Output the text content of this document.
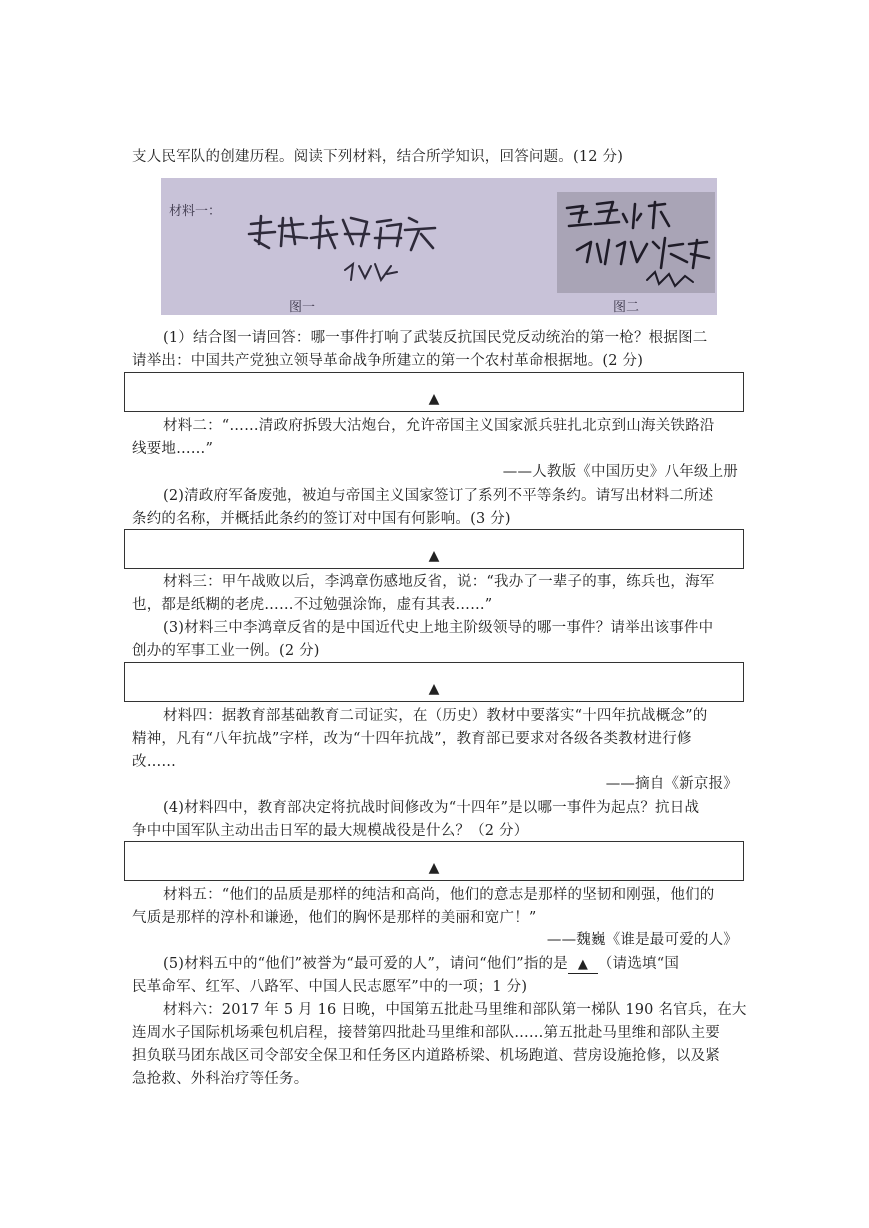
支人民军队的创建历程。阅读下列材料，结合所学知识，回答问题。(12 分)
材料一：
图一	图二
(1）结合图一请回答：哪一事件打响了武装反抗国民党反动统治的第一枪？根据图二
请举出：中国共产党独立领导革命战争所建立的第一个农村革命根据地。(2 分)
▲
材料二：“……清政府拆毁大沽炮台，允许帝国主义国家派兵驻扎北京到山海关铁路沿
线要地……”
——人教版《中国历史》八年级上册
(2)清政府军备废弛，被迫与帝国主义国家签订了系列不平等条约。请写出材料二所述
条约的名称，并概括此条约的签订对中国有何影响。(3 分)
▲
材料三：甲午战败以后，李鸿章伤感地反省，说：“我办了一辈子的事，练兵也，海军
也，都是纸糊的老虎……不过勉强涂饰，虚有其表……”
(3)材料三中李鸿章反省的是中国近代史上地主阶级领导的哪一事件？请举出该事件中
创办的军事工业一例。(2 分)
▲
材料四：据教育部基础教育二司证实，在（历史）教材中要落实“十四年抗战概念”的
精神，凡有“八年抗战”字样，改为“十四年抗战”，教育部已要求对各级各类教材进行修
改……
——摘自《新京报》
(4)材料四中，教育部决定将抗战时间修改为“十四年”是以哪一事件为起点？抗日战
争中中国军队主动出击日军的最大规模战役是什么？（2 分）
▲
材料五：“他们的品质是那样的纯洁和高尚，他们的意志是那样的坚韧和刚强，他们的
气质是那样的淳朴和谦逊，他们的胸怀是那样的美丽和宽广！”
——魏巍《谁是最可爱的人》
(5)材料五中的“他们”被誉为“最可爱的人”，请问“他们”指的是 ▲ （请选填“国
民革命军、红军、八路军、中国人民志愿军”中的一项；1 分)
材料六：2017 年 5 月 16 日晚，中国第五批赴马里维和部队第一梯队 190 名官兵，在大
连周水子国际机场乘包机启程，接替第四批赴马里维和部队……第五批赴马里维和部队主要
担负联马团东战区司令部安全保卫和任务区内道路桥梁、机场跑道、营房设施抢修，以及紧
急抢救、外科治疗等任务。
